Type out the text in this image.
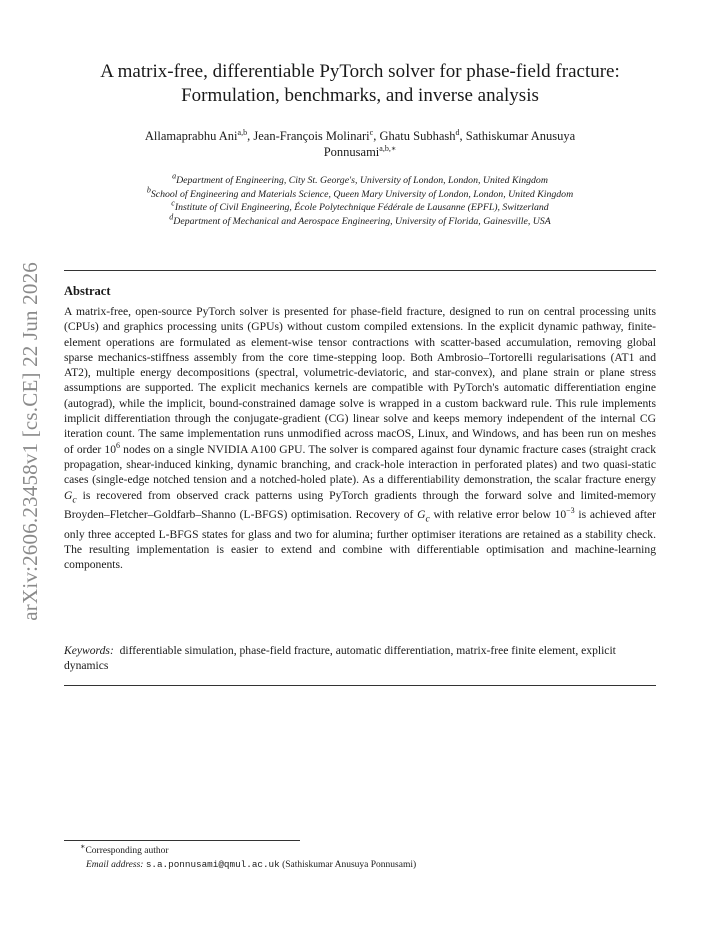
arXiv:2606.23458v1 [cs.CE] 22 Jun 2026
A matrix-free, differentiable PyTorch solver for phase-field fracture:
Formulation, benchmarks, and inverse analysis
Allamaprabhu Ani$^{a,b}$, Jean-François Molinari$^c$, Ghatu Subhash$^d$, Sathiskumar Anusuya
Ponnusami$^{a,b,∗}$
$^a$Department of Engineering, City St. George's, University of London, London, United Kingdom
$^b$School of Engineering and Materials Science, Queen Mary University of London, London, United Kingdom
$^c$Institute of Civil Engineering, École Polytechnique Fédérale de Lausanne (EPFL), Switzerland
$^d$Department of Mechanical and Aerospace Engineering, University of Florida, Gainesville, USA
Abstract
A matrix-free, open-source PyTorch solver is presented for phase-field fracture, designed to run on central processing units (CPUs) and graphics processing units (GPUs) without custom compiled extensions. In the explicit dynamic pathway, finite-element operations are formulated as element-wise tensor contractions with scatter-based accumulation, removing global sparse mechanics-stiffness assembly from the core time-stepping loop. Both Ambrosio–Tortorelli regularisations (AT1 and AT2), multiple energy decompositions (spectral, volumetric-deviatoric, and star-convex), and plane strain or plane stress assumptions are supported. The explicit mechanics kernels are compatible with PyTorch's automatic differentiation engine (autograd), while the implicit, bound-constrained damage solve is wrapped in a custom backward rule. This rule implements implicit differentiation through the conjugate-gradient (CG) linear solve and keeps memory independent of the internal CG iteration count. The same implementation runs unmodified across macOS, Linux, and Windows, and has been run on meshes of order $10^6$ nodes on a single NVIDIA A100 GPU. The solver is compared against four dynamic fracture cases (straight crack propagation, shear-induced kinking, dynamic branching, and crack-hole interaction in perforated plates) and two quasi-static cases (single-edge notched tension and a notched-holed plate). As a differentiability demonstration, the scalar fracture energy $G_c$ is recovered from observed crack patterns using PyTorch gradients through the forward solve and limited-memory Broyden–Fletcher–Goldfarb–Shanno (L-BFGS) optimisation. Recovery of $G_c$ with relative error below $10^{-3}$ is achieved after only three accepted L-BFGS states for glass and two for alumina; further optimiser iterations are retained as a stability check. The resulting implementation is easier to extend and combine with differentiable optimisation and machine-learning components.
Keywords: differentiable simulation, phase-field fracture, automatic differentiation, matrix-free finite element, explicit dynamics
∗Corresponding author
Email address: s.a.ponnusami@qmul.ac.uk (Sathiskumar Anusuya Ponnusami)
